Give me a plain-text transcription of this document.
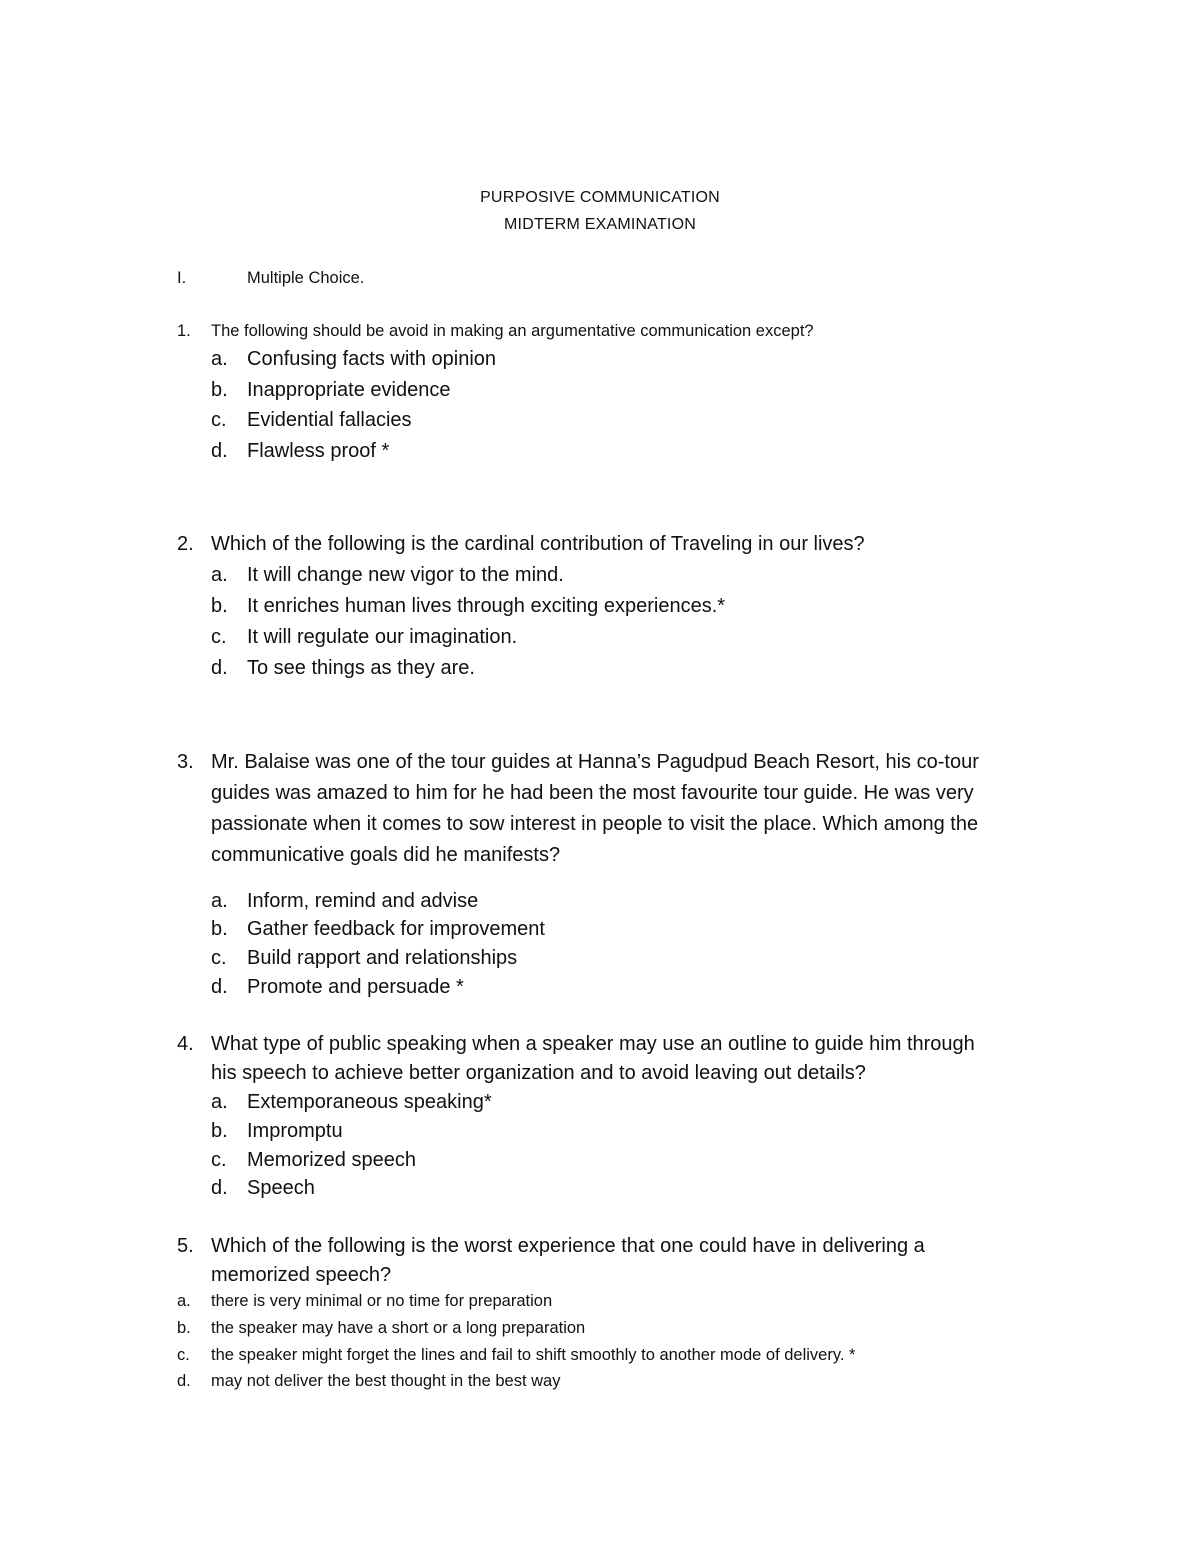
PURPOSIVE COMMUNICATION
MIDTERM EXAMINATION
I.	Multiple Choice.
1. The following should be avoid in making an argumentative communication except?
a. Confusing facts with opinion
b. Inappropriate evidence
c. Evidential fallacies
d. Flawless proof *
2. Which of the following is the cardinal contribution of Traveling in our lives?
a. It will change new vigor to the mind.
b. It enriches human lives through exciting experiences.*
c. It will regulate our imagination.
d. To see things as they are.
3. Mr. Balaise was one of the tour guides at Hanna’s Pagudpud Beach Resort, his co-tour
guides was amazed to him for he had been the most favourite tour guide. He was very
passionate when it comes to sow interest in people to visit the place. Which among the
communicative goals did he manifests?
a. Inform, remind and advise
b. Gather feedback for improvement
c. Build rapport and relationships
d. Promote and persuade *
4. What type of public speaking when a speaker may use an outline to guide him through
his speech to achieve better organization and to avoid leaving out details?
a. Extemporaneous speaking*
b. Impromptu
c. Memorized speech
d. Speech
5. Which of the following is the worst experience that one could have in delivering a
memorized speech?
a. there is very minimal or no time for preparation
b. the speaker may have a short or a long preparation
c. the speaker might forget the lines and fail to shift smoothly to another mode of delivery. *
d. may not deliver the best thought in the best way
